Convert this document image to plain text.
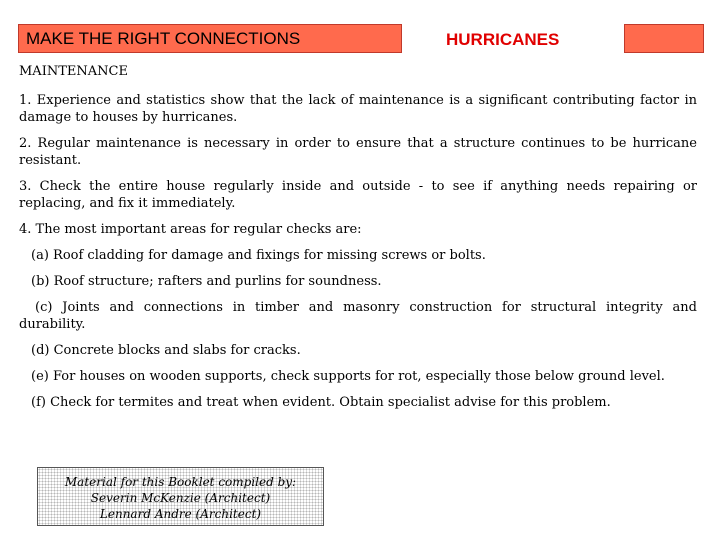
MAKE THE RIGHT CONNECTIONS	HURRICANES

MAINTENANCE

1. Experience and statistics show that the lack of maintenance is a significant contributing factor in damage to houses by hurricanes.

2. Regular maintenance is necessary in order to ensure that a structure continues to be hurricane resistant.

3. Check the entire house regularly inside and outside - to see if anything needs repairing or replacing, and fix it immediately.

4. The most important areas for regular checks are:

(a) Roof cladding for damage and fixings for missing screws or bolts.

(b) Roof structure; rafters and purlins for soundness.

(c) Joints and connections in timber and masonry construction for structural integrity and durability.

(d) Concrete blocks and slabs for cracks.

(e) For houses on wooden supports, check supports for rot, especially those below ground level.

(f) Check for termites and treat when evident. Obtain specialist advise for this problem.

Material for this Booklet compiled by:
Severin McKenzie (Architect)
Lennard Andre (Architect)
